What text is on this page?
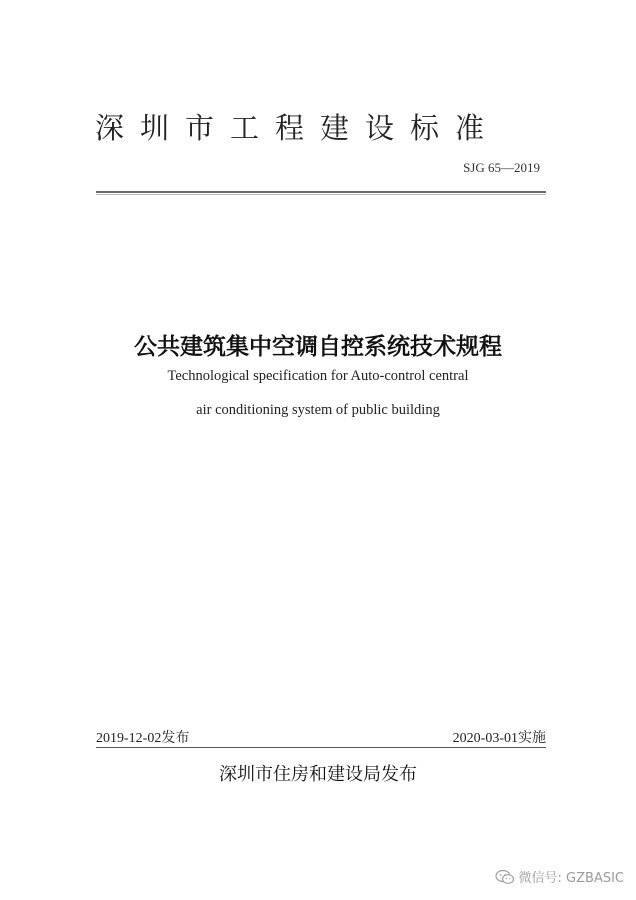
深圳市工程建设标准
SJG 65—2019
公共建筑集中空调自控系统技术规程
Technological specification for Auto-control central
air conditioning system of public building
2019-12-02发布	2020-03-01实施
深圳市住房和建设局发布
微信号: GZBASIC
